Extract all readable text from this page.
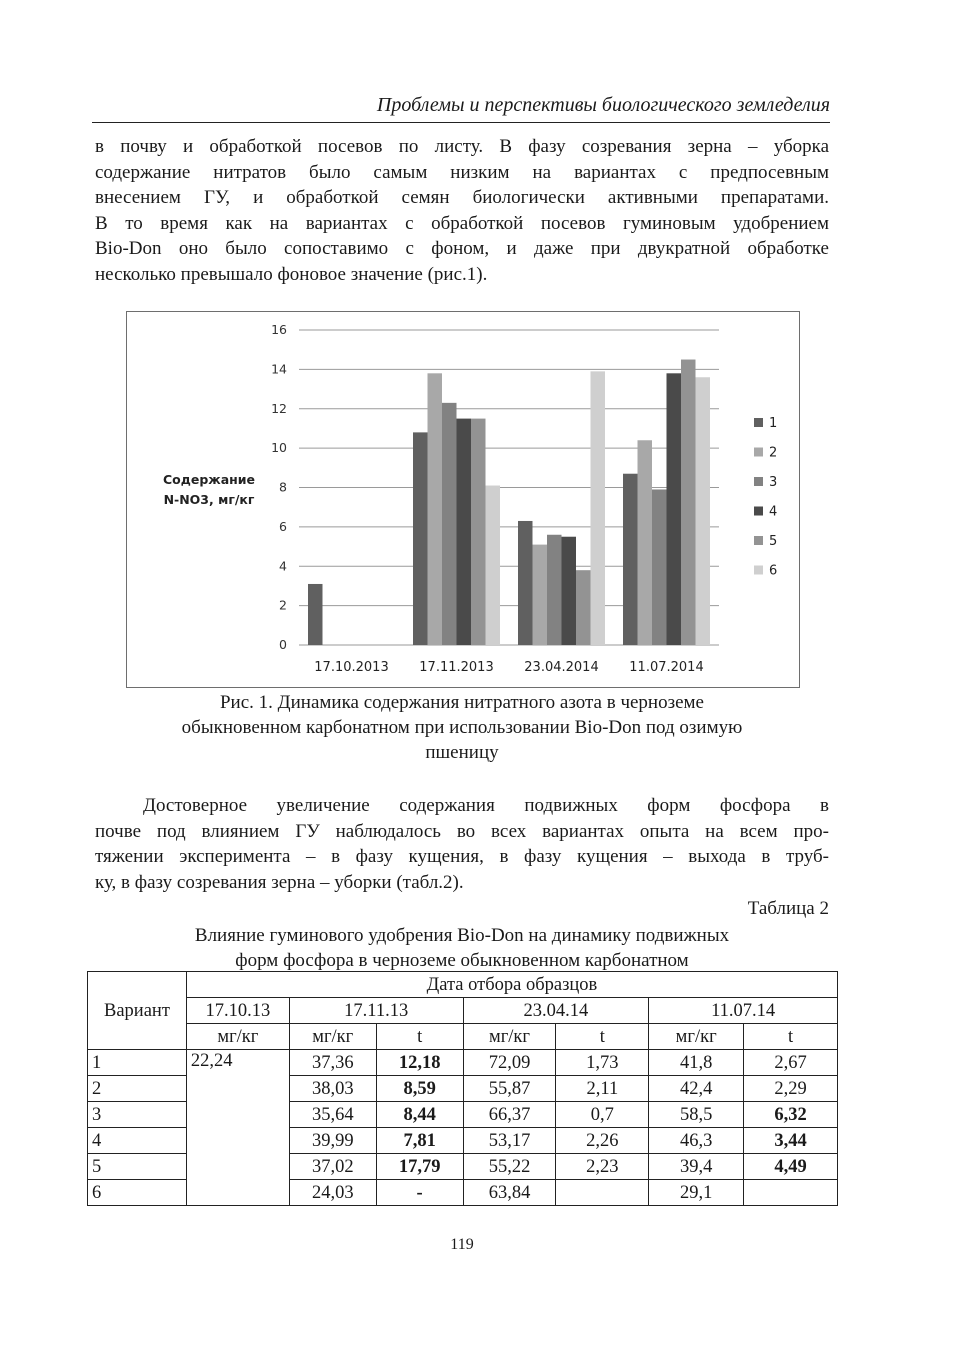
Проблемы и перспективы биологического земледелия
в почву и обработкой посевов по листу. В фазу созревания зерна – уборка
содержание нитратов было самым низким на вариантах с предпосевным
внесением ГУ, и обработкой семян биологически активными препаратами.
В то время как на вариантах с обработкой посевов гуминовым удобрением
Bio-Don оно было сопоставимо с фоном, и даже при двукратной обработке
несколько превышало фоновое значение (рис.1).
0
2
4
6
8
10
12
14
16
17.10.2013 17.11.2013 23.04.2014 11.07.2014
Содержание
N-NO3, мг/кг
1
2
3
4
5
6
Рис. 1. Динамика содержания нитратного азота в черноземе
обыкновенном карбонатном при использовании Bio-Don под озимую
пшеницу
Достоверное увеличение содержания подвижных форм фосфора в
почве под влиянием ГУ наблюдалось во всех вариантах опыта на всем про-
тяжении эксперимента – в фазу кущения, в фазу кущения – выхода в труб-
ку, в фазу созревания зерна – уборки (табл.2).
Таблица 2
Влияние гуминового удобрения Bio-Don на динамику подвижных
форм фосфора в черноземе обыкновенном карбонатном
Вариант	Дата отбора образцов						
	17.10.13	17.11.13		23.04.14		11.07.14	
	мг/кг	мг/кг	t	мг/кг	t	мг/кг	t
1	22,24	37,36	12,18	72,09	1,73	41,8	2,67
2		38,03	8,59	55,87	2,11	42,4	2,29
3		35,64	8,44	66,37	0,7	58,5	6,32
4		39,99	7,81	53,17	2,26	46,3	3,44
5		37,02	17,79	55,22	2,23	39,4	4,49
6		24,03	-	63,84		29,1	
119
